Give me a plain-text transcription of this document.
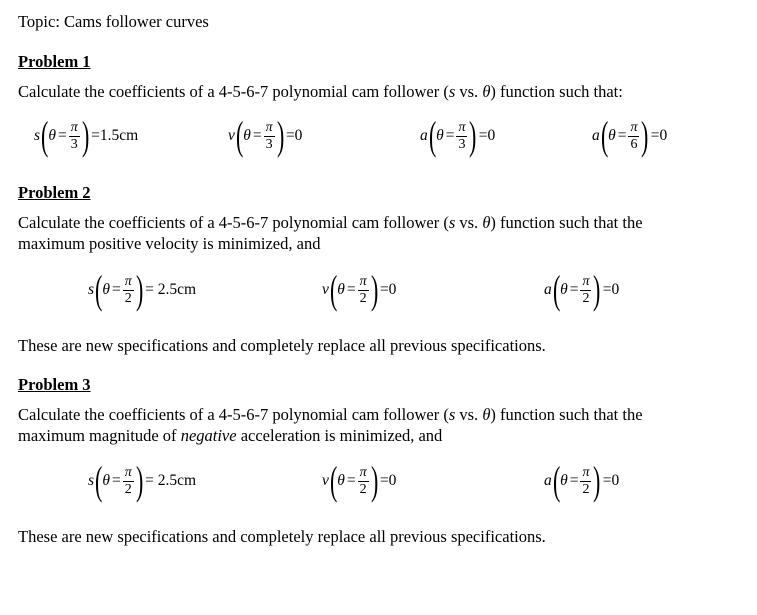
Topic: Cams follower curves
Problem 1
Calculate the coefficients of a 4-5-6-7 polynomial cam follower (s vs. θ) function such that:
s ( $\theta = \frac{\pi}{3}$ ) =1.5cm	v ( $\theta = \frac{\pi}{3}$ ) =0	a ( $\theta = \frac{\pi}{3}$ ) =0	a ( $\theta = \frac{\pi}{6}$ ) =0
Problem 2
Calculate the coefficients of a 4-5-6-7 polynomial cam follower (s vs. θ) function such that the
maximum positive velocity is minimized, and
s ( $\theta = \frac{\pi}{2}$ ) = 2.5cm	v ( $\theta = \frac{\pi}{2}$ ) =0	a ( $\theta = \frac{\pi}{2}$ ) =0
These are new specifications and completely replace all previous specifications.
Problem 3
Calculate the coefficients of a 4-5-6-7 polynomial cam follower (s vs. θ) function such that the
maximum magnitude of negative acceleration is minimized, and
s ( $\theta = \frac{\pi}{2}$ ) = 2.5cm	v ( $\theta = \frac{\pi}{2}$ ) =0	a ( $\theta = \frac{\pi}{2}$ ) =0
These are new specifications and completely replace all previous specifications.
